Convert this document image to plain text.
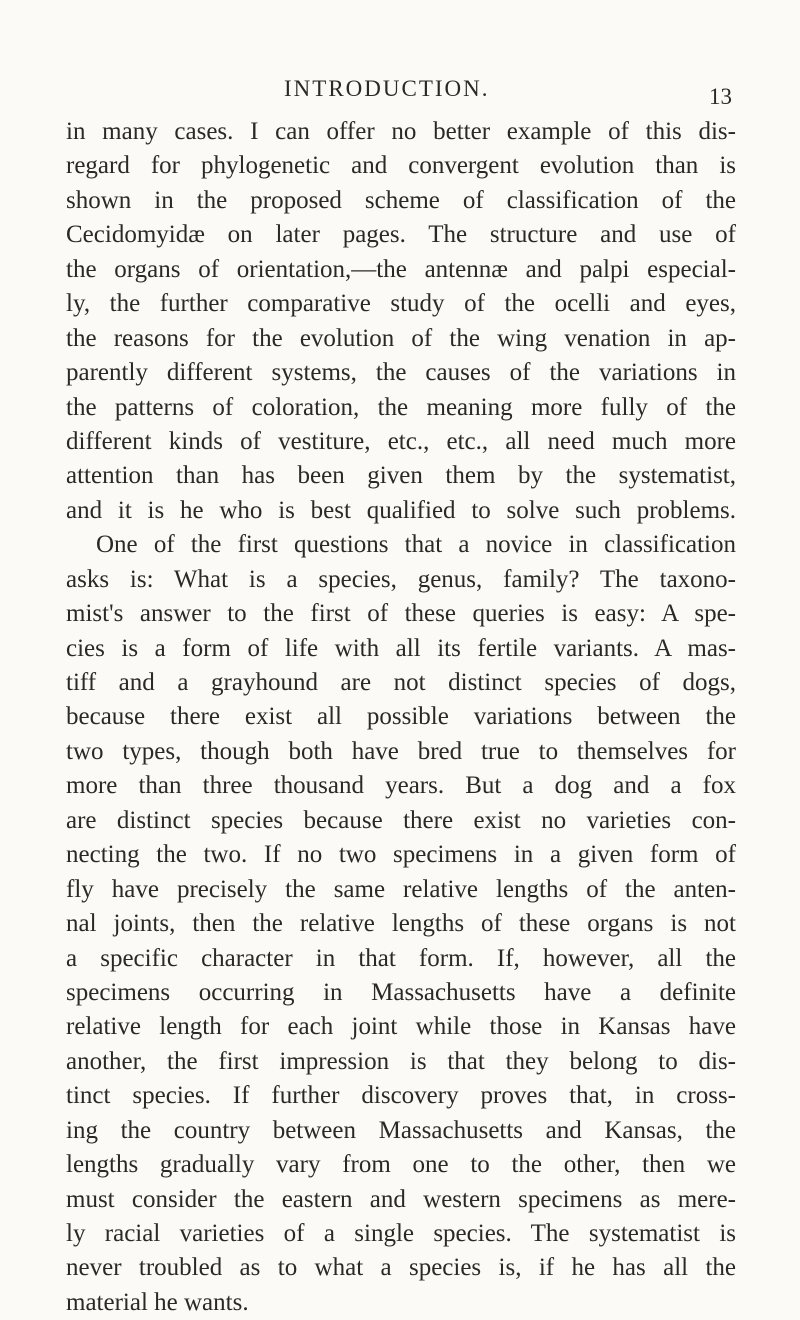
INTRODUCTION.	13
in many cases. I can offer no better example of this dis-
regard for phylogenetic and convergent evolution than is
shown in the proposed scheme of classification of the
Cecidomyidæ on later pages. The structure and use of
the organs of orientation,—the antennæ and palpi especial-
ly, the further comparative study of the ocelli and eyes,
the reasons for the evolution of the wing venation in ap-
parently different systems, the causes of the variations in
the patterns of coloration, the meaning more fully of the
different kinds of vestiture, etc., etc., all need much more
attention than has been given them by the systematist,
and it is he who is best qualified to solve such problems.
One of the first questions that a novice in classification
asks is: What is a species, genus, family? The taxono-
mist's answer to the first of these queries is easy: A spe-
cies is a form of life with all its fertile variants. A mas-
tiff and a grayhound are not distinct species of dogs,
because there exist all possible variations between the
two types, though both have bred true to themselves for
more than three thousand years. But a dog and a fox
are distinct species because there exist no varieties con-
necting the two. If no two specimens in a given form of
fly have precisely the same relative lengths of the anten-
nal joints, then the relative lengths of these organs is not
a specific character in that form. If, however, all the
specimens occurring in Massachusetts have a definite
relative length for each joint while those in Kansas have
another, the first impression is that they belong to dis-
tinct species. If further discovery proves that, in cross-
ing the country between Massachusetts and Kansas, the
lengths gradually vary from one to the other, then we
must consider the eastern and western specimens as mere-
ly racial varieties of a single species. The systematist is
never troubled as to what a species is, if he has all the
material he wants.
